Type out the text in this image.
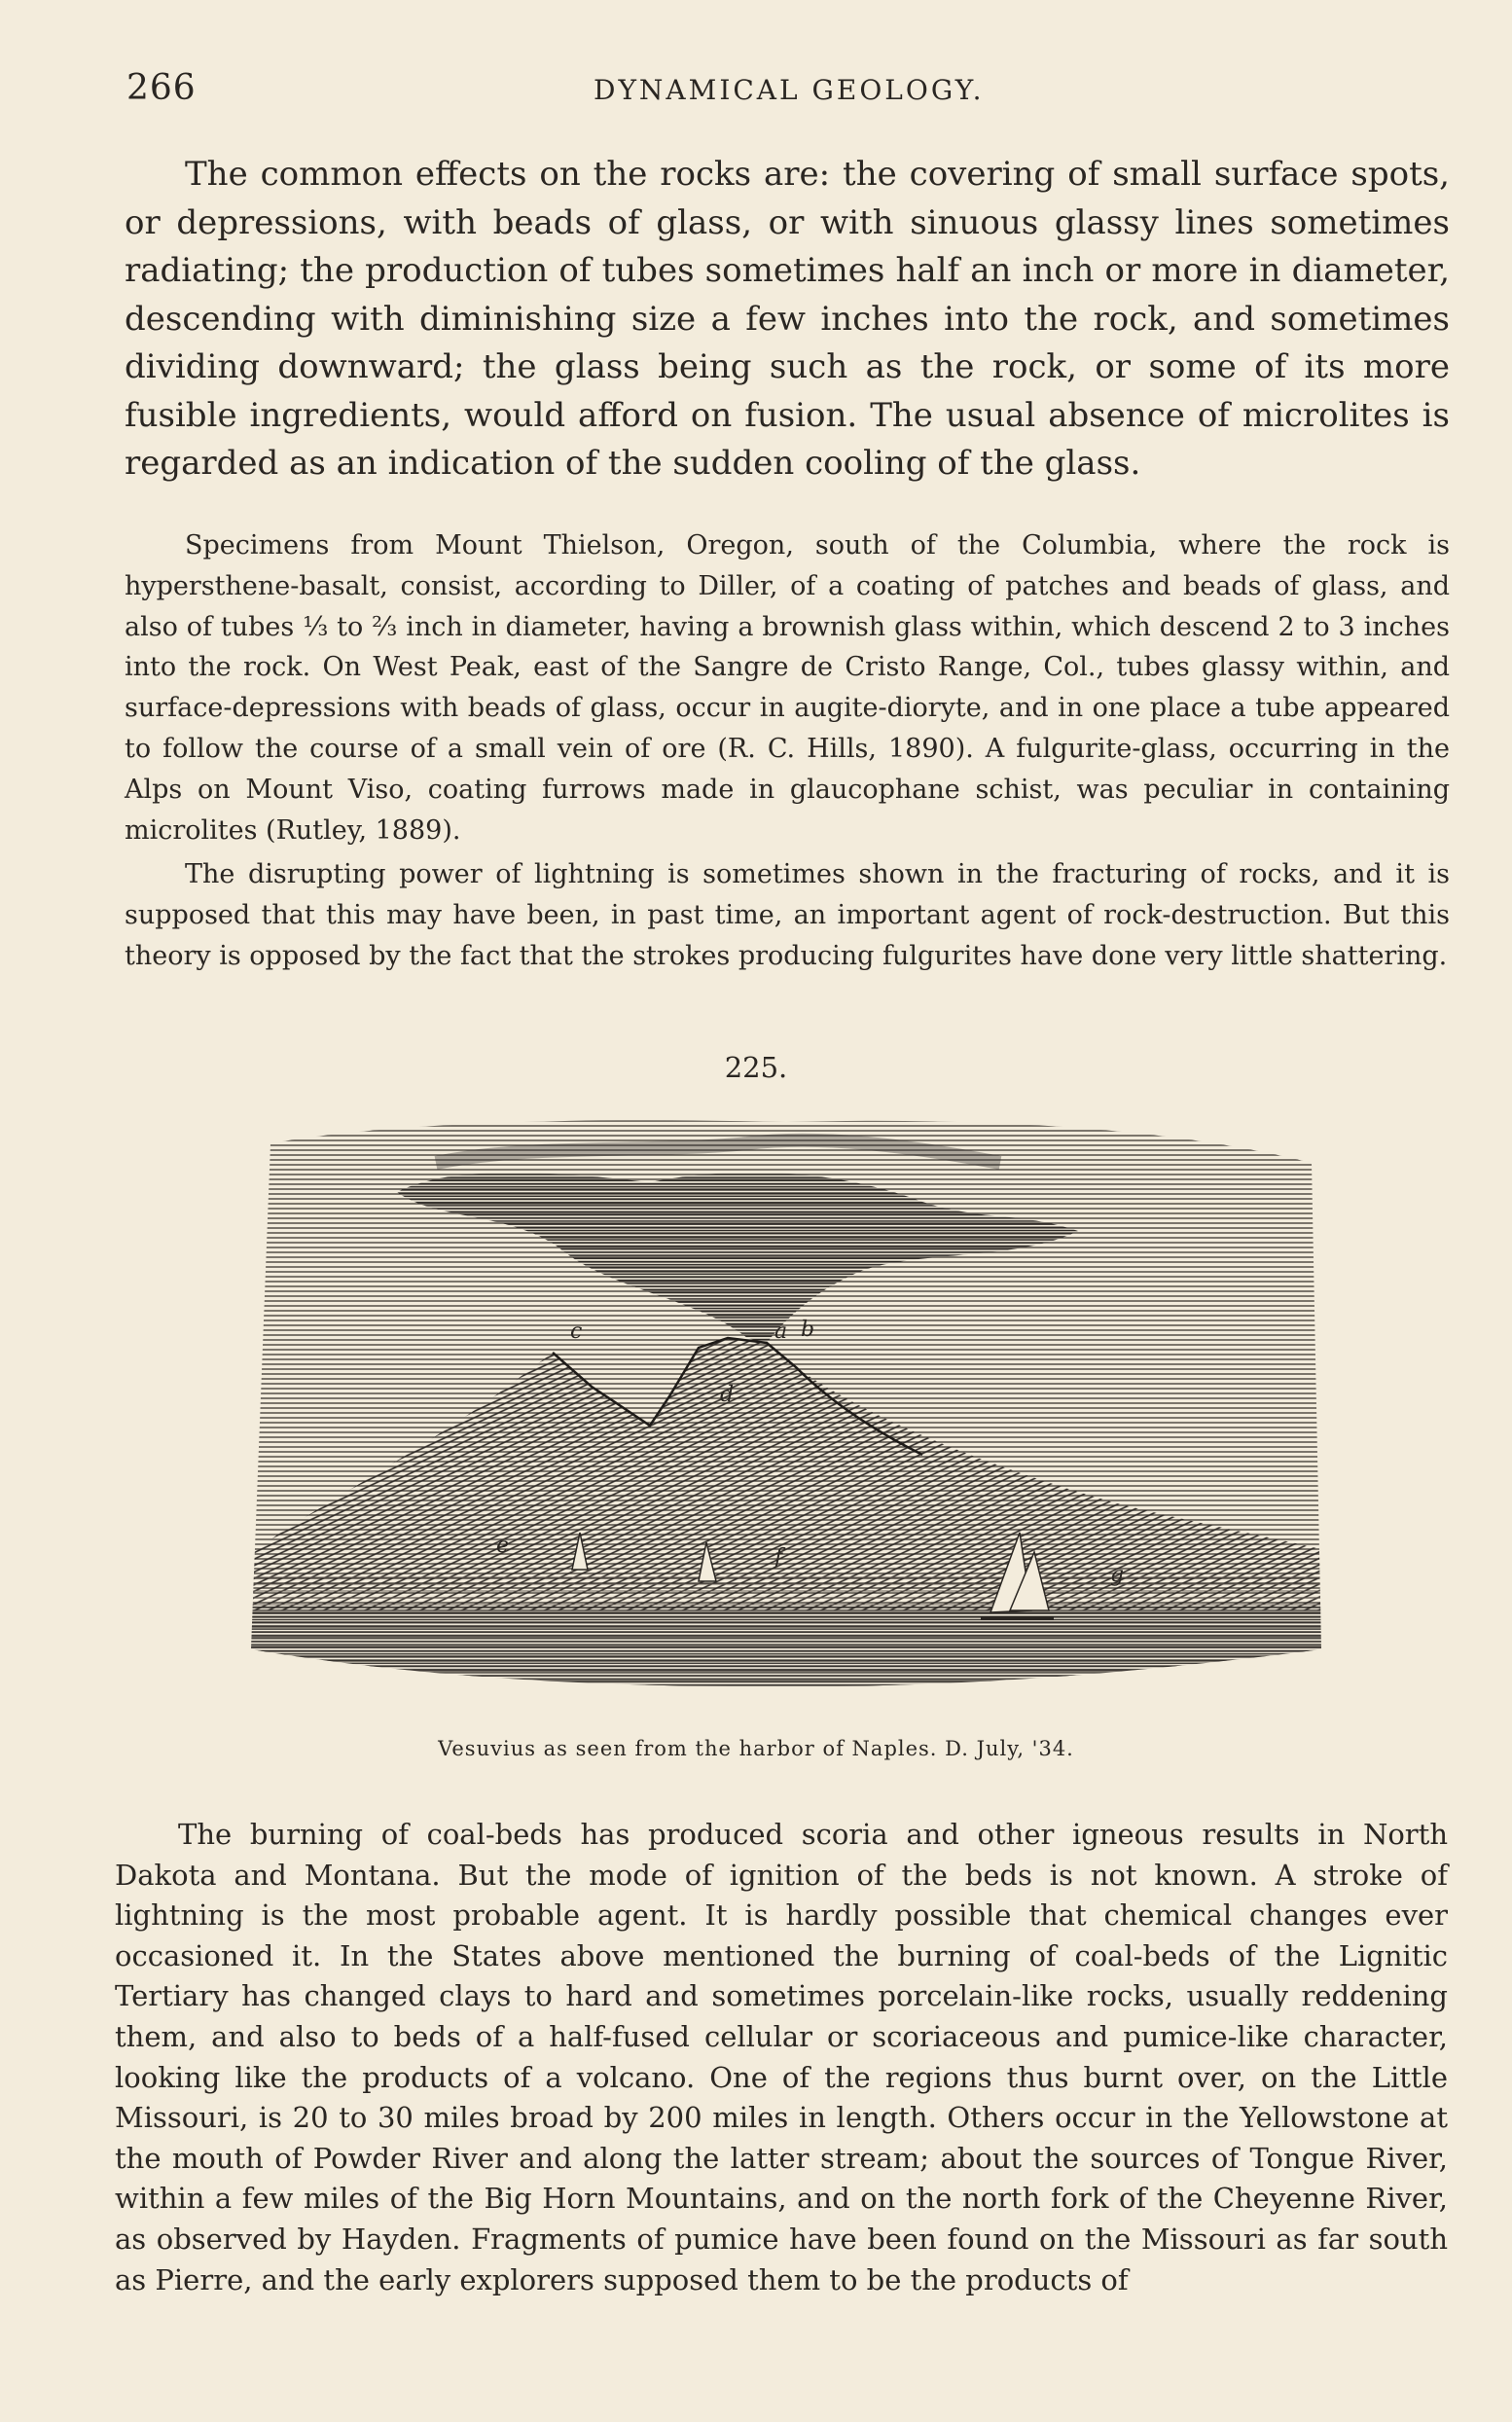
266	DYNAMICAL GEOLOGY.

The common effects on the rocks are: the covering of small surface spots, or depressions, with beads of glass, or with sinuous glassy lines sometimes radiating; the production of tubes sometimes half an inch or more in diameter, descending with diminishing size a few inches into the rock, and sometimes dividing downward; the glass being such as the rock, or some of its more fusible ingredients, would afford on fusion. The usual absence of microlites is regarded as an indication of the sudden cooling of the glass.

Specimens from Mount Thielson, Oregon, south of the Columbia, where the rock is hypersthene-basalt, consist, according to Diller, of a coating of patches and beads of glass, and also of tubes ⅓ to ⅔ inch in diameter, having a brownish glass within, which descend 2 to 3 inches into the rock. On West Peak, east of the Sangre de Cristo Range, Col., tubes glassy within, and surface-depressions with beads of glass, occur in augite-dioryte, and in one place a tube appeared to follow the course of a small vein of ore (R. C. Hills, 1890). A fulgurite-glass, occurring in the Alps on Mount Viso, coating furrows made in glaucophane schist, was peculiar in containing microlites (Rutley, 1889).

The disrupting power of lightning is sometimes shown in the fracturing of rocks, and it is supposed that this may have been, in past time, an important agent of rock-destruction. But this theory is opposed by the fact that the strokes producing fulgurites have done very little shattering.

225.
c	a b
d
e	f
g
Vesuvius as seen from the harbor of Naples. D. July, '34.

The burning of coal-beds has produced scoria and other igneous results in North Dakota and Montana. But the mode of ignition of the beds is not known. A stroke of lightning is the most probable agent. It is hardly possible that chemical changes ever occasioned it. In the States above mentioned the burning of coal-beds of the Lignitic Tertiary has changed clays to hard and sometimes porcelain-like rocks, usually reddening them, and also to beds of a half-fused cellular or scoriaceous and pumice-like character, looking like the products of a volcano. One of the regions thus burnt over, on the Little Missouri, is 20 to 30 miles broad by 200 miles in length. Others occur in the Yellowstone at the mouth of Powder River and along the latter stream; about the sources of Tongue River, within a few miles of the Big Horn Mountains, and on the north fork of the Cheyenne River, as observed by Hayden. Fragments of pumice have been found on the Missouri as far south as Pierre, and the early explorers supposed them to be the products of
